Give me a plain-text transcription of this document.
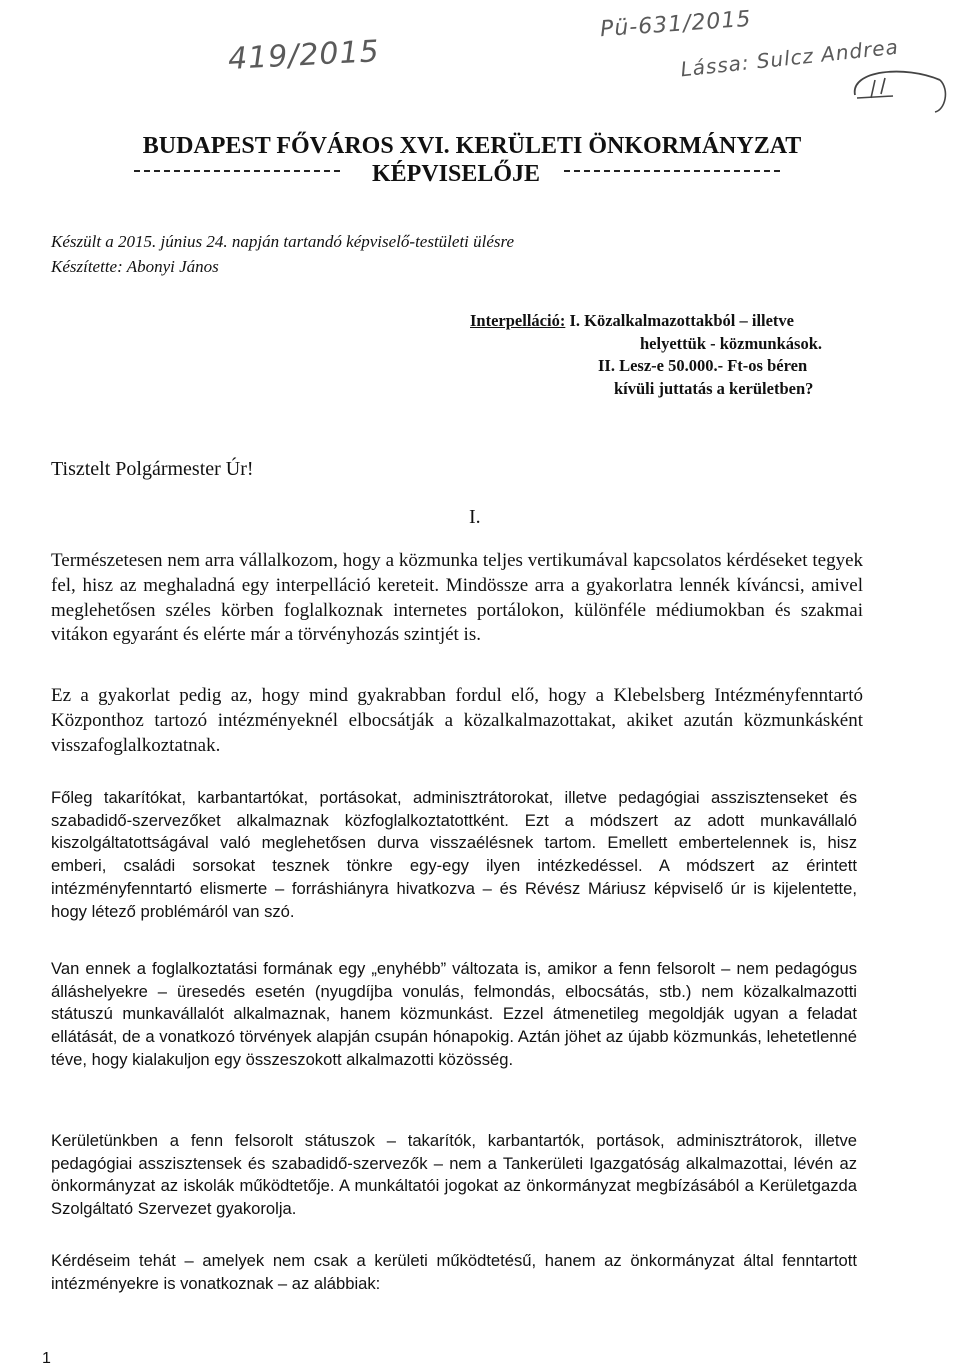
419/2015
Pü-631/2015
Lássa: Sulcz Andrea
BUDAPEST FŐVÁROS XVI. KERÜLETI ÖNKORMÁNYZAT
KÉPVISELŐJE
Készült a 2015. június 24. napján tartandó képviselő-testületi ülésre
Készítette: Abonyi János
Interpelláció: I. Közalkalmazottakból – illetve
helyettük - közmunkások.
II. Lesz-e 50.000.- Ft-os béren
kívüli juttatás a kerületben?
Tisztelt Polgármester Úr!
I.
Természetesen nem arra vállalkozom, hogy a közmunka teljes vertikumával kapcsolatos kérdéseket tegyek fel, hisz az meghaladná egy interpelláció kereteit. Mindössze arra a gyakorlatra lennék kíváncsi, amivel meglehetősen széles körben foglalkoznak internetes portálokon, különféle médiumokban és szakmai vitákon egyaránt és elérte már a törvényhozás szintjét is.
Ez a gyakorlat pedig az, hogy mind gyakrabban fordul elő, hogy a Klebelsberg Intézményfenntartó Központhoz tartozó intézményeknél elbocsátják a közalkalmazottakat, akiket azután közmunkásként visszafoglalkoztatnak.
Főleg takarítókat, karbantartókat, portásokat, adminisztrátorokat, illetve pedagógiai asszisztenseket és szabadidő-szervezőket alkalmaznak közfoglalkoztatottként. Ezt a módszert az adott munkavállaló kiszolgáltatottságával való meglehetősen durva visszaélésnek tartom. Emellett embertelennek is, hisz emberi, családi sorsokat tesznek tönkre egy-egy ilyen intézkedéssel. A módszert az érintett intézményfenntartó elismerte – forráshiányra hivatkozva – és Révész Máriusz képviselő úr is kijelentette, hogy létező problémáról van szó.
Van ennek a foglalkoztatási formának egy „enyhébb” változata is, amikor a fenn felsorolt – nem pedagógus álláshelyekre – üresedés esetén (nyugdíjba vonulás, felmondás, elbocsátás, stb.) nem közalkalmazotti státuszú munkavállalót alkalmaznak, hanem közmunkást. Ezzel átmenetileg megoldják ugyan a feladat ellátását, de a vonatkozó törvények alapján csupán hónapokig. Aztán jöhet az újabb közmunkás, lehetetlenné téve, hogy kialakuljon egy összeszokott alkalmazotti közösség.
Kerületünkben a fenn felsorolt státuszok – takarítók, karbantartók, portások, adminisztrátorok, illetve pedagógiai asszisztensek és szabadidő-szervezők – nem a Tankerületi Igazgatóság alkalmazottai, lévén az önkormányzat az iskolák működtetője. A munkáltatói jogokat az önkormányzat megbízásából a Kerületgazda Szolgáltató Szervezet gyakorolja.
Kérdéseim tehát – amelyek nem csak a kerületi működtetésű, hanem az önkormányzat által fenntartott intézményekre is vonatkoznak – az alábbiak:
1
